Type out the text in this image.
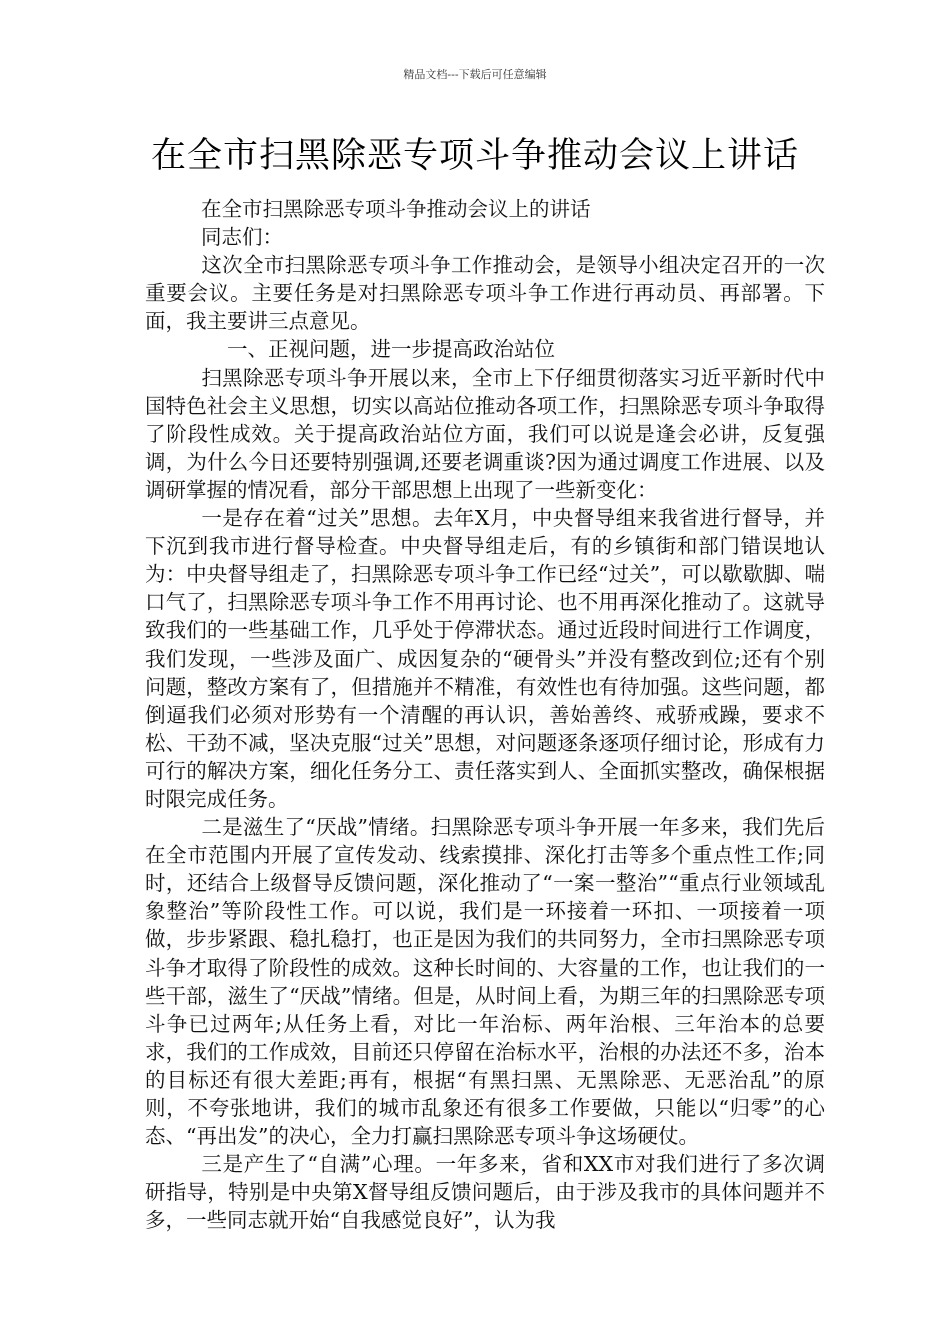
精品文档---下载后可任意编辑
在全市扫黑除恶专项斗争推动会议上讲话
在全市扫黑除恶专项斗争推动会议上的讲话
同志们：

这次全市扫黑除恶专项斗争工作推动会，是领导小组决定召开的一次重要会议。主要任务是对扫黑除恶专项斗争工作进行再动员、再部署。下面，我主要讲三点意见。

一、正视问题，进一步提高政治站位

扫黑除恶专项斗争开展以来，全市上下仔细贯彻落实习近平新时代中国特色社会主义思想，切实以高站位推动各项工作，扫黑除恶专项斗争取得了阶段性成效。关于提高政治站位方面，我们可以说是逢会必讲，反复强调，为什么今日还要特别强调,还要老调重谈?因为通过调度工作进展、以及调研掌握的情况看，部分干部思想上出现了一些新变化：

一是存在着“过关”思想。去年X月，中央督导组来我省进行督导，并下沉到我市进行督导检查。中央督导组走后，有的乡镇街和部门错误地认为：中央督导组走了，扫黑除恶专项斗争工作已经“过关”，可以歇歇脚、喘口气了，扫黑除恶专项斗争工作不用再讨论、也不用再深化推动了。这就导致我们的一些基础工作，几乎处于停滞状态。通过近段时间进行工作调度，我们发现，一些涉及面广、成因复杂的“硬骨头”并没有整改到位;还有个别问题，整改方案有了，但措施并不精准，有效性也有待加强。这些问题，都倒逼我们必须对形势有一个清醒的再认识，善始善终、戒骄戒躁，要求不松、干劲不减，坚决克服“过关”思想，对问题逐条逐项仔细讨论，形成有力可行的解决方案，细化任务分工、责任落实到人、全面抓实整改，确保根据时限完成任务。

二是滋生了“厌战”情绪。扫黑除恶专项斗争开展一年多来，我们先后在全市范围内开展了宣传发动、线索摸排、深化打击等多个重点性工作;同时，还结合上级督导反馈问题，深化推动了“一案一整治”“重点行业领域乱象整治”等阶段性工作。可以说，我们是一环接着一环扣、一项接着一项做，步步紧跟、稳扎稳打，也正是因为我们的共同努力，全市扫黑除恶专项斗争才取得了阶段性的成效。这种长时间的、大容量的工作，也让我们的一些干部，滋生了“厌战”情绪。但是，从时间上看，为期三年的扫黑除恶专项斗争已过两年;从任务上看，对比一年治标、两年治根、三年治本的总要求，我们的工作成效，目前还只停留在治标水平，治根的办法还不多，治本的目标还有很大差距;再有，根据“有黑扫黑、无黑除恶、无恶治乱”的原则，不夸张地讲，我们的城市乱象还有很多工作要做，只能以“归零”的心态、“再出发”的决心，全力打赢扫黑除恶专项斗争这场硬仗。

三是产生了“自满”心理。一年多来，省和XX市对我们进行了多次调研指导，特别是中央第X督导组反馈问题后，由于涉及我市的具体问题并不多，一些同志就开始“自我感觉良好”，认为我
